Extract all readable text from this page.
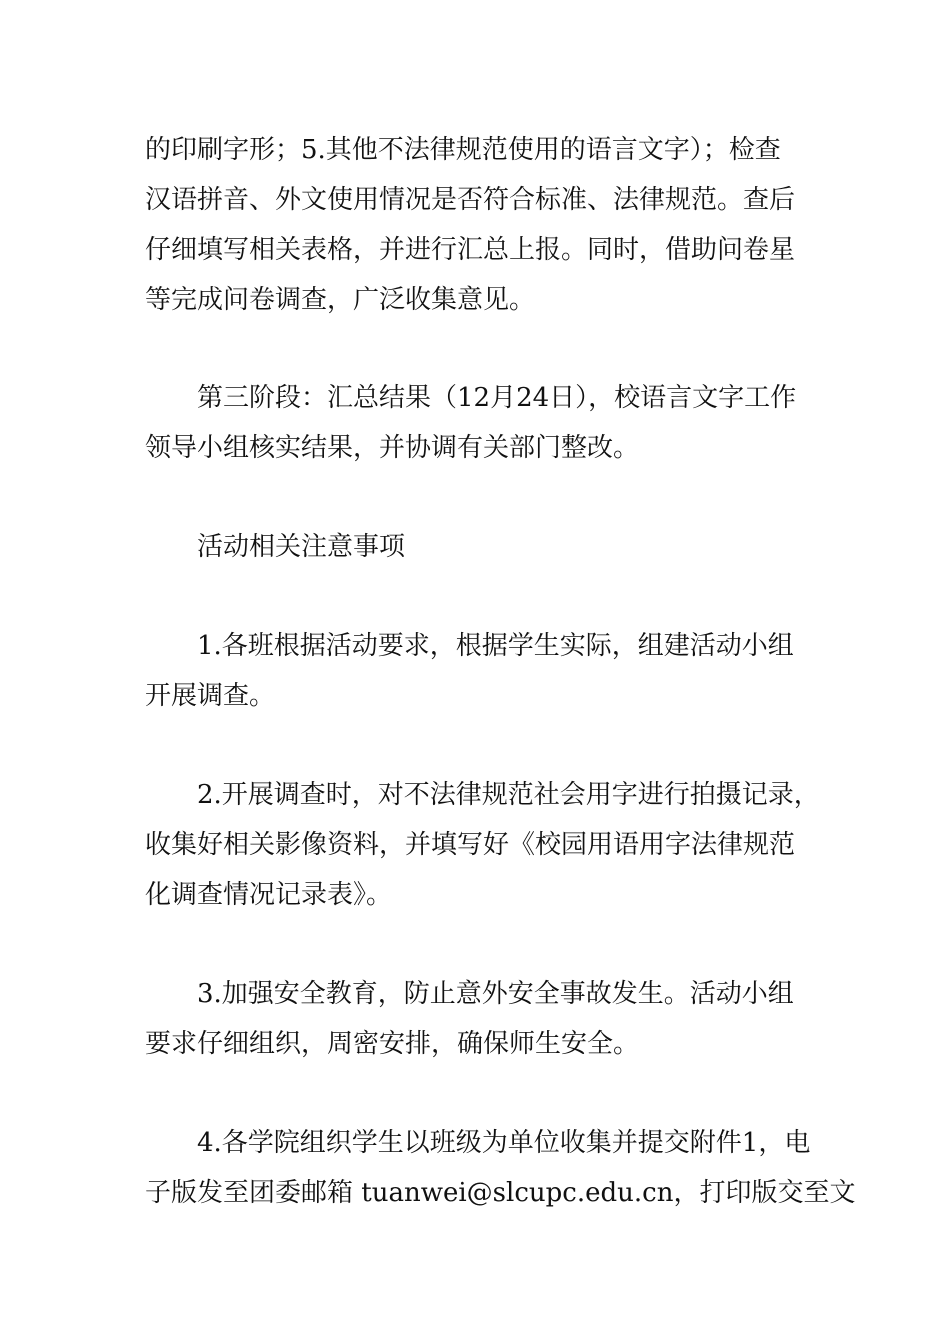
的印刷字形；5.其他不法律规范使用的语言文字）；检查

汉语拼音、外文使用情况是否符合标准、法律规范。查后

仔细填写相关表格，并进行汇总上报。同时，借助问卷星

等完成问卷调查，广泛收集意见。

第三阶段：汇总结果（12月24日），校语言文字工作

领导小组核实结果，并协调有关部门整改。

活动相关注意事项

1.各班根据活动要求，根据学生实际，组建活动小组

开展调查。

2.开展调查时，对不法律规范社会用字进行拍摄记录，

收集好相关影像资料，并填写好《校园用语用字法律规范

化调查情况记录表》。

3.加强安全教育，防止意外安全事故发生。活动小组

要求仔细组织，周密安排，确保师生安全。

4.各学院组织学生以班级为单位收集并提交附件1，电

子版发至团委邮箱 tuanwei@slcupc.edu.cn，打印版交至文
